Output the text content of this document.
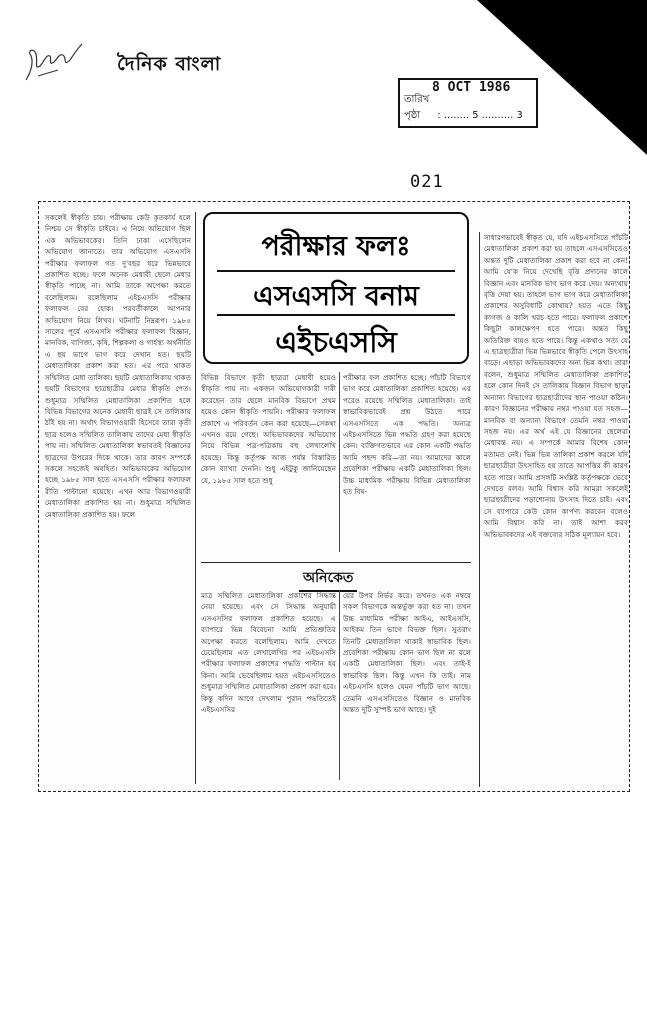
দৈনিক বাংলা
8 OCT 1986
তারিখ
পৃষ্ঠা : ........ 5 .......... 3
021

সকলেই স্বীকৃতি চায়। পরীক্ষায় কেউ কৃতকার্য হলে নিশ্চয় সে স্বীকৃতি চাইবে। এ নিয়ে অভিযোগ ছিল এক অভিভাবকের। তিনি ঢাকা এসেছিলেন অভিযোগ জানাতে। তার অভিযোগ এসএসসি পরীক্ষার ফলাফল গত দু'বছর ধরে ভিন্নভাবে প্রকাশিত হচ্ছে। ফলে অনেক মেধাবী ছেলে মেধার স্বীকৃতি পাচ্ছে না। আমি তাকে অপেক্ষা করতে বলেছিলাম। বলেছিলাম এইচএসসি পরীক্ষার ফলাফল বের হোক। পরবর্তীকালে আপনার অভিযোগ নিয়ে লিখব। ঘটনাটি নিম্নরূপ। ১৯৮৫ সালের পূর্বে এসএসসি পরীক্ষার ফলাফল বিজ্ঞান, মানবিক, বাণিজ্য, কৃষি, শিল্পকলা ও গার্হস্থ্য অর্থনীতি এ ছয় ভাগে ভাগ করে দেখান হত। ছয়টি মেধাতালিকা প্রকাশ করা হত। এর পরে থাকত সম্মিলিত মেধা তালিকা। ছয়টি মেধাতালিকায় থাকত ছয়টি বিভাগের ছাত্রছাত্রীর মেধার স্বীকৃতি পেত। শুধুমাত্র সম্মিলিত মেধাতালিকা প্রকাশিত হলে বিভিন্ন বিভাগের অনেক মেধাবী ছাত্রই সে তালিকায় ঠাঁই হয় না। অর্থাৎ বিভাগওয়ারী হিসেবে তারা কৃতী ছাত্র হলেও সম্মিলিত তালিকায় তাদের মেধা স্বীকৃতি পায় না। সম্মিলিত মেধাতালিকা স্বভাবতই বিজ্ঞানের ছাত্রদের উপরের দিকে থাকে। তার কারণ সম্পর্কে সকলে সহজেই অবহিত। অভিভাবকের অভিযোগ হচ্ছে ১৯৮৫ সাল হতে এসএসসি পরীক্ষার ফলাফল রীতি পাল্টানো হয়েছে। এখন আর বিভাগওয়ারী মেধাতালিকা প্রকাশিত হয় না। শুধুমাত্র সম্মিলিত মেধাতালিকা প্রকাশিত হয়। ফলে

পরীক্ষার ফলঃ
এসএসসি বনাম
এইচএসসি

বিভিন্ন বিভাগে কৃতী ছাত্ররা মেধাবী হয়েও স্বীকৃতি পায় না। একজন অভিযোগকারী দাবী করেছেন তার ছেলে মানবিক বিভাগে প্রথম হয়েও কোন স্বীকৃতি পায়নি। পরীক্ষার ফলাফল প্রকাশে এ পরিবর্তন কেন করা হয়েছে—সেকথা এখনও রয়ে গেছে। অভিভাবকদের অভিযোগ নিয়ে বিভিন্ন পত্র-পত্রিকায় বহু লেখালেখি হয়েছে। কিন্তু কর্তৃপক্ষ আজ পর্যন্ত বিস্তারিত কোন ব্যাখ্যা দেননি। শুধু এইটুকু জানিয়েছেন যে, ১৯৮৫ সাল হতে শুধু

পরীক্ষার ফল প্রকাশিত হচ্ছে। পাঁচটি বিভাগে ভাগ করে মেধাতালিকা প্রকাশিত হয়েছে। এর পরেও রয়েছে সম্মিলিত মেধাতালিকা। তাই স্বাভাবিকভাবেই প্রশ্ন উঠতে পারে এসএসসিতে এক পদ্ধতি। অন্যত্র এইচএসসিতে ভিন্ন পদ্ধতি গ্রহণ করা হয়েছে কেন। ব্যক্তিগতভাবে এর কোন একটি পদ্ধতি আমি পছন্দ করি—তা নয়। আমাদের কালে প্রবেশিকা পরীক্ষায় একটি মেধাতালিকা ছিল। উচ্চ মাধ্যমিক পরীক্ষায় বিভিন্ন মেধাতালিকা হত বিষ-

অনিকেত

মাত্র সম্মিলিত মেধাতালিকা প্রকাশের সিদ্ধান্ত নেয়া হয়েছে। এবং সে সিদ্ধান্ত অনুযায়ী এসএসসির ফলাফল প্রকাশিত হয়েছে। এ ব্যাপারে ভিন্ন বিবেচনা আমি প্রতিশ্রুতির অপেক্ষা করতে বলেছিলাম। আমি দেখতে চেয়েছিলাম এত লেখালেখির পর এইচএসসি পরীক্ষার ফলাফল প্রকাশের পদ্ধতি পাল্টান হয় কিনা। আমি ভেবেছিলাম হয়ত এইচএসসিতেও শুধুমাত্র সম্মিলিত মেধাতালিকা প্রকাশ করা হবে। কিন্তু কদিন আগে দেখলাম পুরান পদ্ধতিতেই এইচএসসির

য়ের উপর নির্ভর করে। তখনও এক নম্বরে সকল বিভাগকে অন্তর্ভুক্ত করা হত না। তখন উচ্চ মাধ্যমিক পরীক্ষা আইএ, আইএসসি, আইকম তিন ভাগে বিভক্ত ছিল। সুতরাং তিনটি মেধাতালিকা থাকাই স্বাভাবিক ছিল। প্রবেশিকা পরীক্ষায় কোন ভাগ ছিল না বলে একটি মেধাতালিকা ছিল। এবং তাই-ই স্বাভাবিক ছিল। কিন্তু এখন কি তাই। নাম এইচএসসি হলেও যেমন পাঁচটি ভাগ আছে। তেমনি এসএসসিতেও বিজ্ঞান ও মানবিক অন্তত দুটি সুস্পষ্ট ভাগ আছে। দুই

সাধারণভাবেই স্বীকৃত যে, যদি এইচএসসিতে পাঁচটি মেধাতালিকা প্রকাশ করা হয় তাহলে এসএসসিতেও অন্তত দুটি মেধাতালিকা প্রকাশ করা হবে না কেন! আমি যে'ক নিয়ে দেখেছি বৃত্তি প্রদানের কালে বিজ্ঞান এবং মানবিক ভাগ ভাগ করে দেয়। অন্যথায় বৃত্তি দেয়া হয়। তাহলে ভাগ ভাগ করে মেধাতালিকা প্রকাশের অসুবিধাটি কোথায়? হয়ত এতে কিছু কাগজ ও কালি খরচ হতে পারে। ফলাফল প্রকাশে কিছুটা কালক্ষেপণ হতে পারে। অন্তত কিছু অতিরিক্ত ব্যয়ও হতে পারে। কিন্তু একথাও সত্য যে এ ছাত্রছাত্রীরা ভিন্ন ভিন্নভাবে স্বীকৃতি পেলে উৎসাহ বাড়ে। এছাড়া অভিভাবকদের অন্য ভিন্ন কথা। তারা বলেন, শুধুমাত্র সম্মিলিত মেধাতালিকা প্রকাশিত হলে কোন দিনই সে তালিকায় বিজ্ঞান বিভাগ ছাড়া অন্যান্য বিভাগের ছাত্রছাত্রীদের স্থান পাওয়া কঠিন। কারণ বিজ্ঞানের পরীক্ষায় নম্বর পাওয়া যত সহজ—মানবিক বা অন্যান্য বিভাগে তেমনি নম্বর পাওয়া সহজ নয়। এর অর্থ এই যে বিজ্ঞানের ছেলেরা মেধাবন্ত নয়। এ সম্পর্কে আমার বিশেষ কোন মতামত নেই। ভিন্ন ভিন্ন তালিকা প্রকাশ করলে যদি ছাত্রছাত্রীরা উৎসাহিত হয় তাতে আপত্তির কী কারণ হতে পারে। আমি প্রসঙ্গটি সংশ্লিষ্ট কর্তৃপক্ষকে ভেবে দেখতে বলব। আমি বিশ্বাস করি আমরা সকলেই ছাত্রছাত্রীদের পড়াশোনায় উৎসাহ দিতে চাই। এবং সে ব্যাপারে কেউ কোন কার্পণ্য করবেন বলেও আমি বিশ্বাস করি না। তাই আশা করব অভিভাবকদের এই বক্তব্যের সঠিক মূল্যায়ন হবে।
